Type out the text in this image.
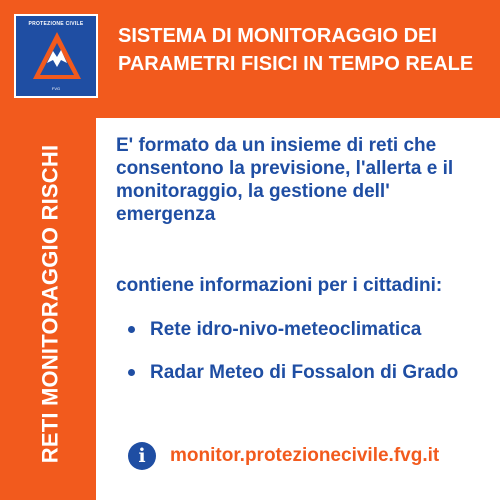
PROTEZIONE CIVILE
FVG
SISTEMA DI MONITORAGGIO DEI
PARAMETRI FISICI IN TEMPO REALE
RETI MONITORAGGIO RISCHI	E' formato da un insieme di reti che
consentono la previsione, l'allerta e il
monitoraggio, la gestione dell'
emergenza
contiene informazioni per i cittadini:
Rete idro-nivo-meteoclimatica
Radar Meteo di Fossalon di Grado
i	monitor.protezionecivile.fvg.it
